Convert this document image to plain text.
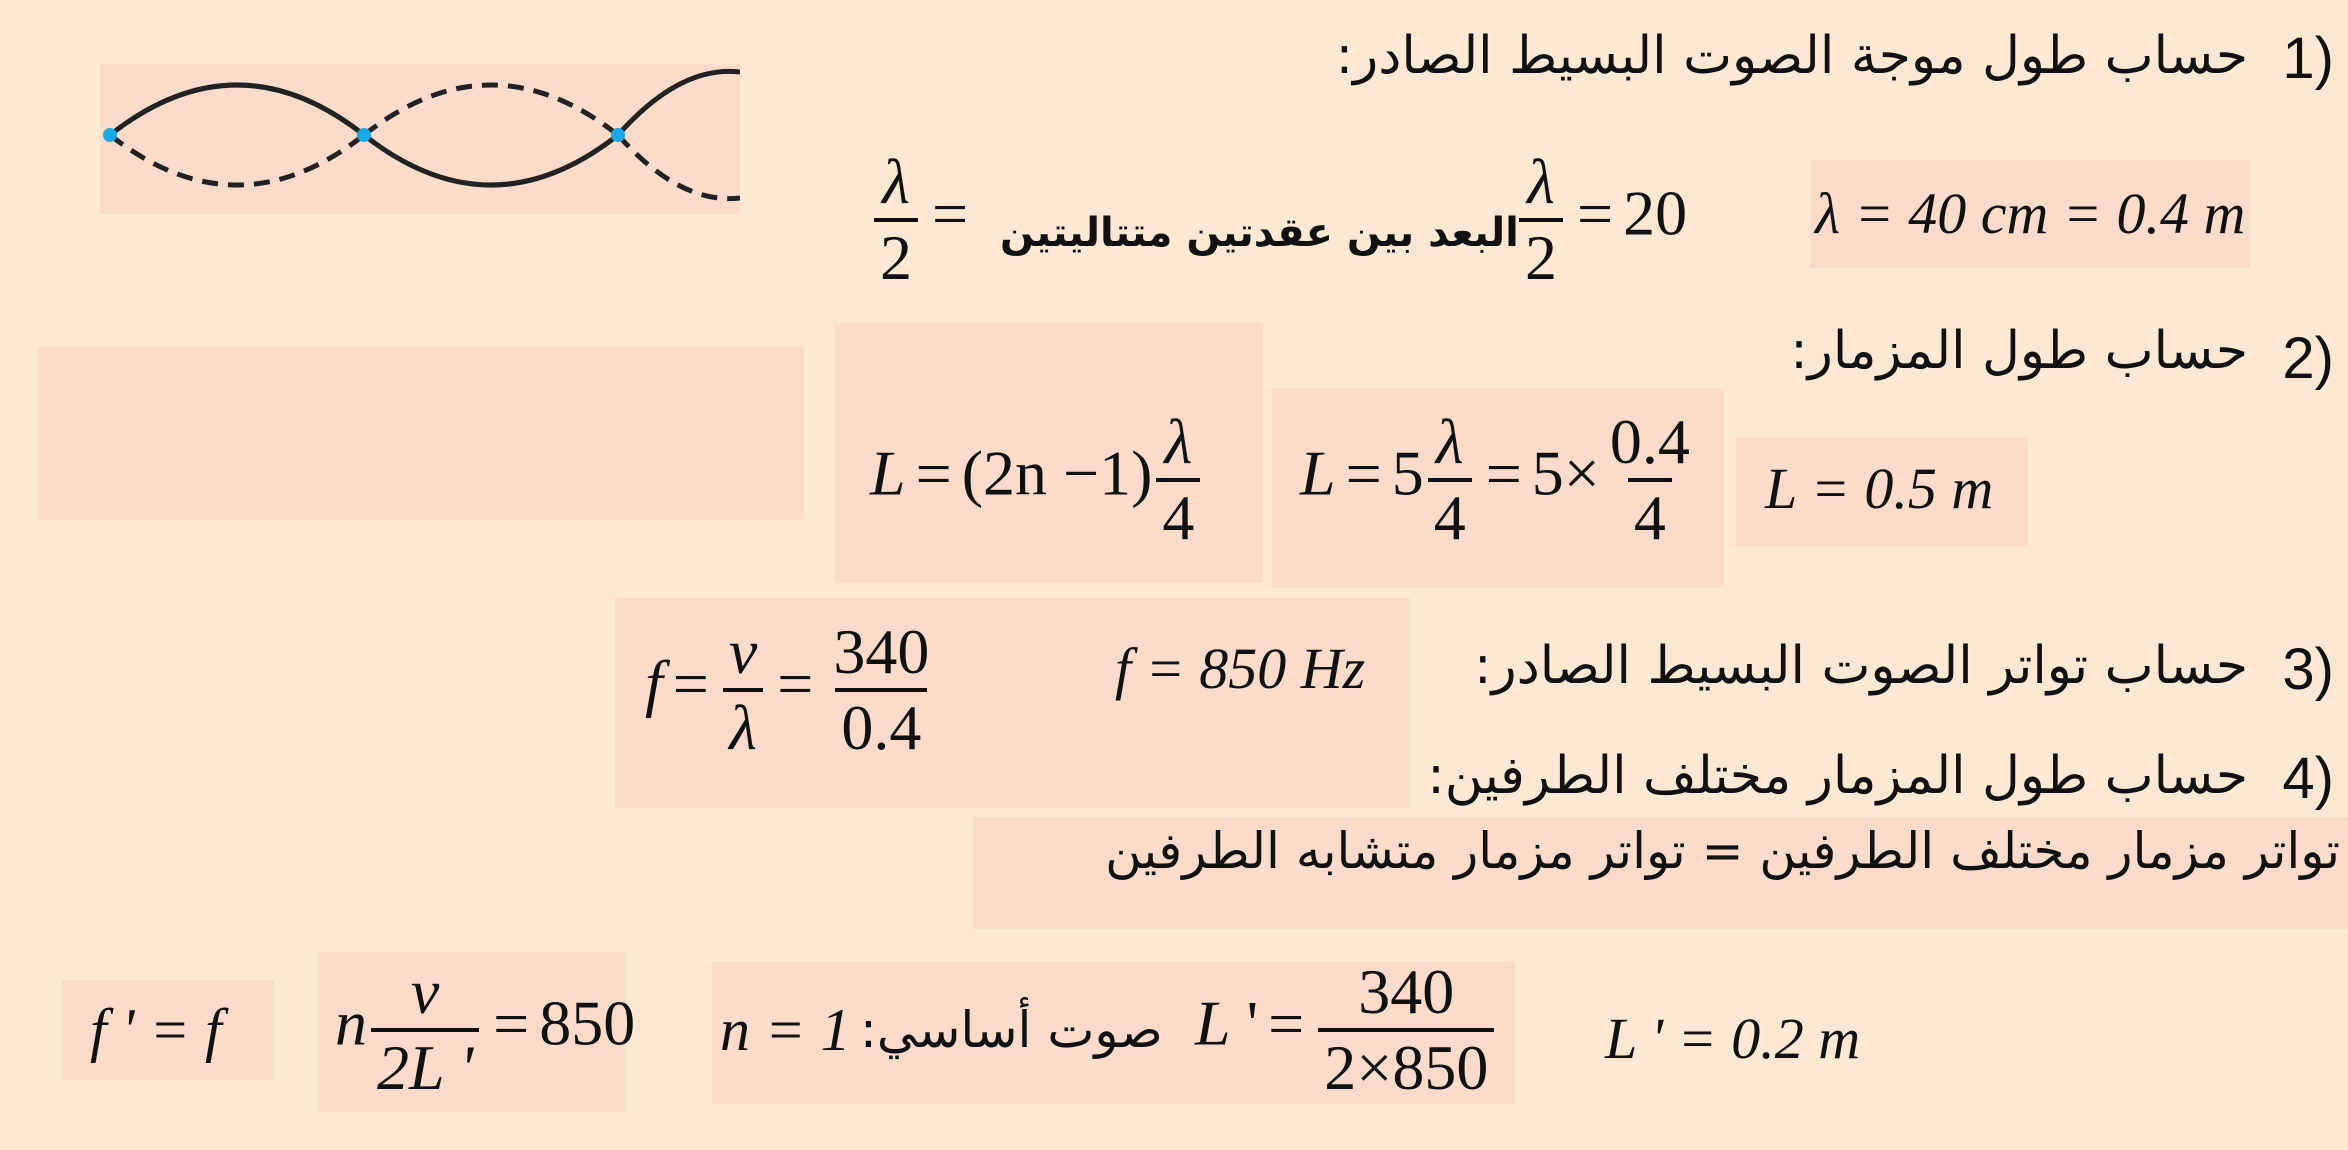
1)
حساب طول موجة الصوت البسيط الصادر:
$\frac{\lambda}{2}$ = البعد بين عقدتين متتاليتين $\frac{\lambda}{2} = 20$ λ = 40 cm = 0.4 m
2)
حساب طول المزمار:
$L = (2n -1) \frac{\lambda}{4}$ $L = 5 \frac{\lambda}{4} = 5\times \frac{0.4}{4}$ L = 0.5 m
3)
حساب تواتر الصوت البسيط الصادر:
$f = \frac{v}{\lambda} = \frac{340}{0.4}$	f = 850 Hz
4)
حساب طول المزمار مختلف الطرفين:
تواتر مزمار مختلف الطرفين = تواتر مزمار متشابه الطرفين
f ' = f n $\frac{v}{2L '} = 850$ n = 1 صوت أساسي: L ' = $\frac{340}{2\times 850}$ L ' = 0.2 m
